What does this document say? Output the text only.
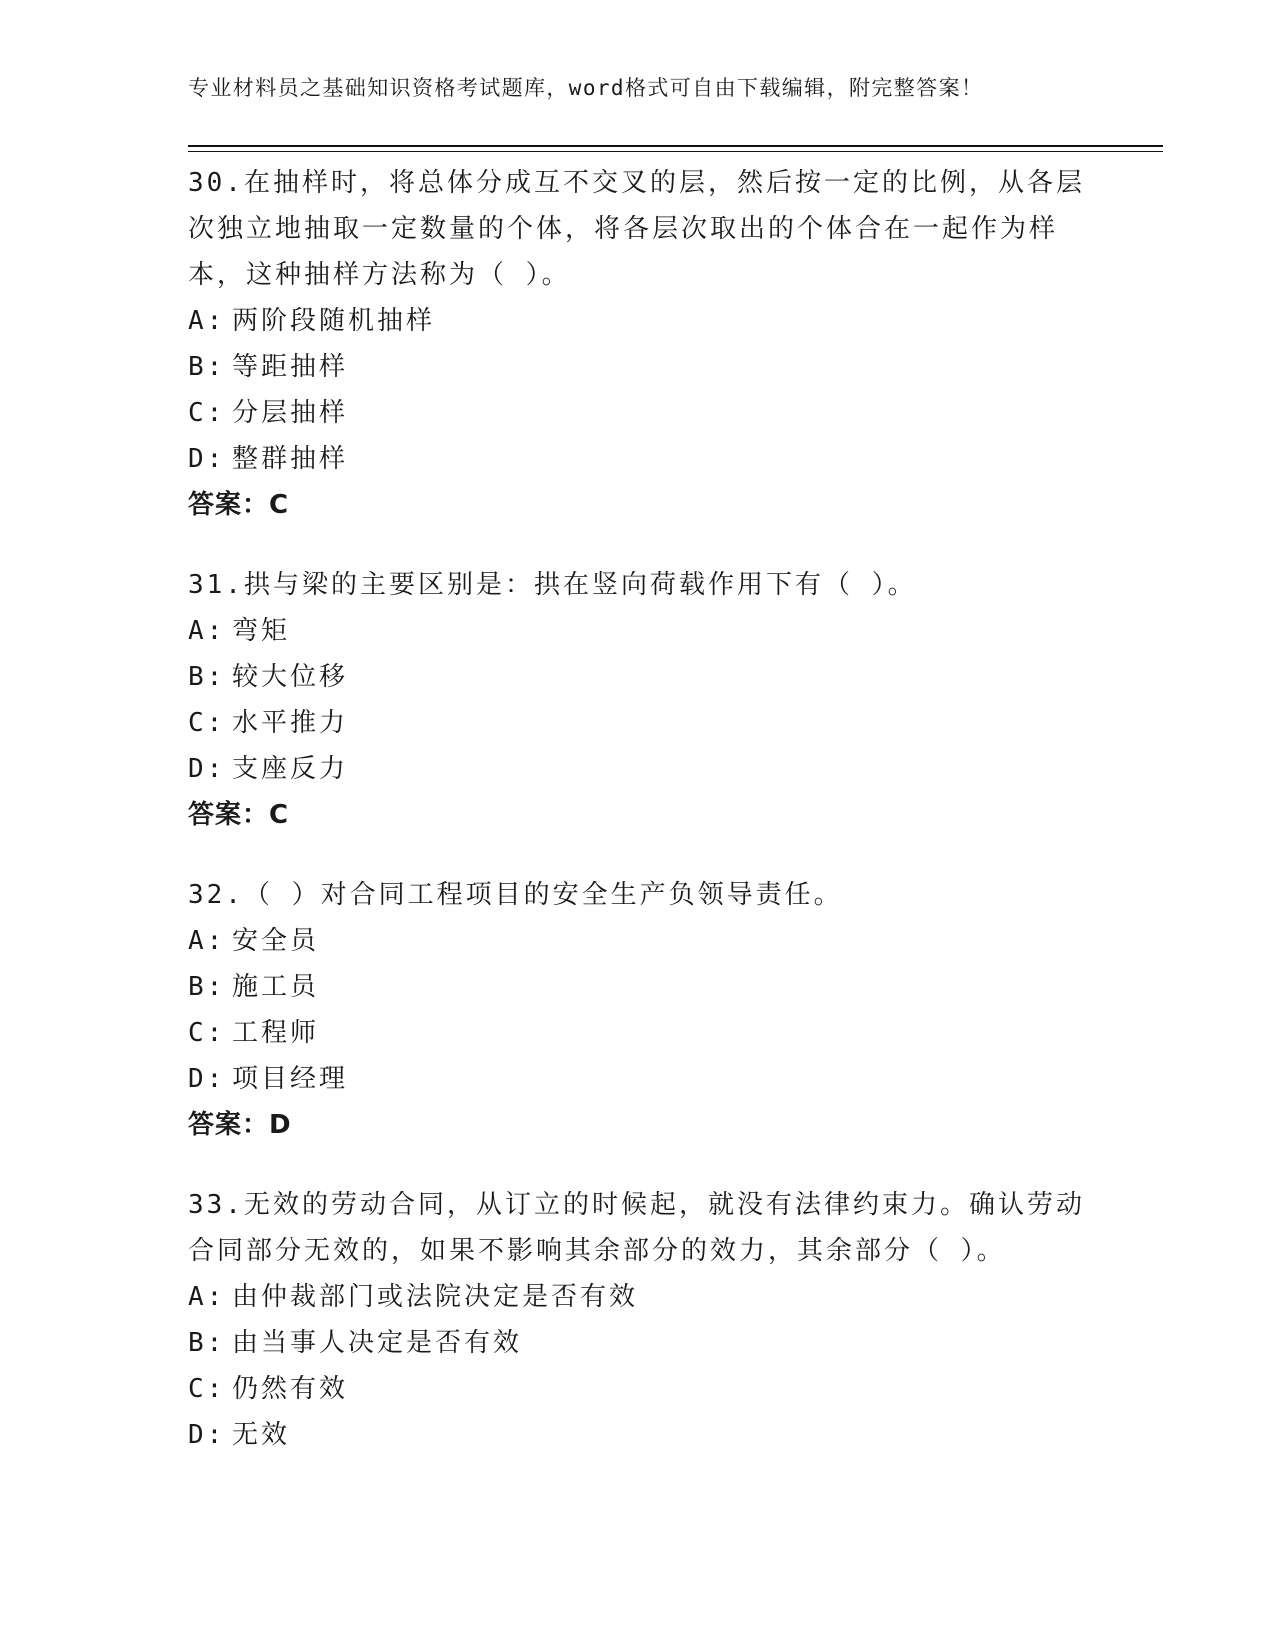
专业材料员之基础知识资格考试题库，word格式可自由下载编辑，附完整答案！

30.在抽样时，将总体分成互不交叉的层，然后按一定的比例，从各层次独立地抽取一定数量的个体，将各层次取出的个体合在一起作为样本，这种抽样方法称为（ ）。

A: 两阶段随机抽样
B: 等距抽样
C: 分层抽样
D: 整群抽样
答案：C

31.拱与梁的主要区别是：拱在竖向荷载作用下有（ ）。

A: 弯矩
B: 较大位移
C: 水平推力
D: 支座反力
答案：C

32.（ ）对合同工程项目的安全生产负领导责任。

A: 安全员
B: 施工员
C: 工程师
D: 项目经理
答案：D

33.无效的劳动合同，从订立的时候起，就没有法律约束力。确认劳动合同部分无效的，如果不影响其余部分的效力，其余部分（ ）。

A: 由仲裁部门或法院决定是否有效
B: 由当事人决定是否有效
C: 仍然有效
D: 无效
